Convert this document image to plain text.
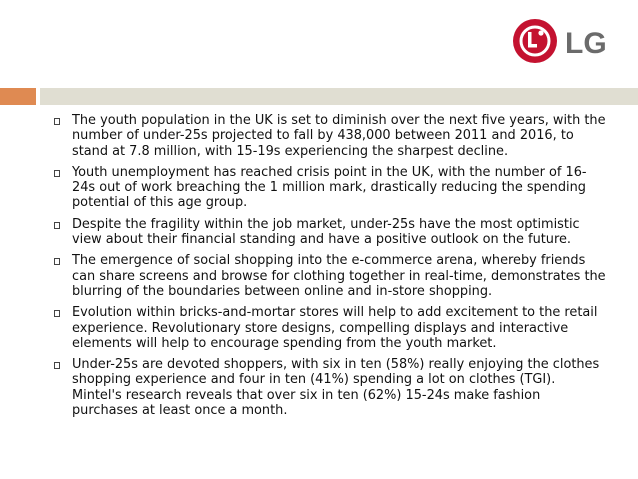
LG
The youth population in the UK is set to diminish over the next five years, with the number of under-25s projected to fall by 438,000 between 2011 and 2016, to stand at 7.8 million, with 15-19s experiencing the sharpest decline.
Youth unemployment has reached crisis point in the UK, with the number of 16-24s out of work breaching the 1 million mark, drastically reducing the spending potential of this age group.
Despite the fragility within the job market, under-25s have the most optimistic view about their financial standing and have a positive outlook on the future.
The emergence of social shopping into the e-commerce arena, whereby friends can share screens and browse for clothing together in real-time, demonstrates the blurring of the boundaries between online and in-store shopping.
Evolution within bricks-and-mortar stores will help to add excitement to the retail experience. Revolutionary store designs, compelling displays and interactive elements will help to encourage spending from the youth market.
Under-25s are devoted shoppers, with six in ten (58%) really enjoying the clothes shopping experience and four in ten (41%) spending a lot on clothes (TGI). Mintel's research reveals that over six in ten (62%) 15-24s make fashion purchases at least once a month.
